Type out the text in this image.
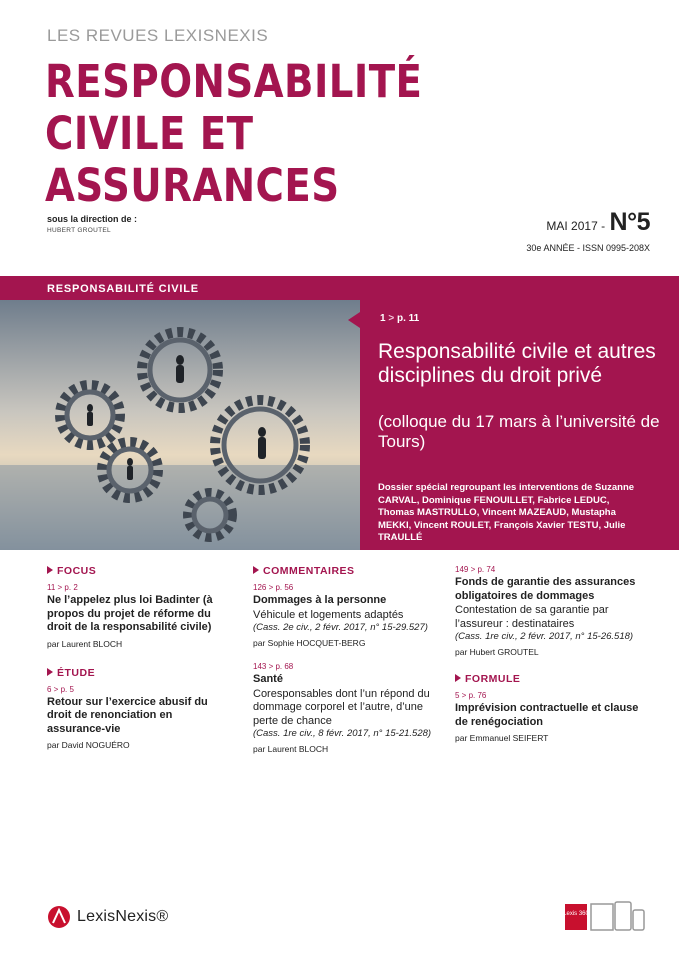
LES REVUES LEXISNEXIS
RESPONSABILITÉ
CIVILE ET
ASSURANCES
sous la direction de :
HUBERT GROUTEL	MAI 2017 - N°5
30e ANNÉE - ISSN 0995-208X
RESPONSABILITÉ CIVILE
1 > p. 11
Responsabilité civile et autres disciplines du droit privé
(colloque du 17 mars à l’université de Tours)
Dossier spécial regroupant les interventions de Suzanne CARVAL, Dominique FENOUILLET, Fabrice LEDUC, Thomas MASTRULLO, Vincent MAZEAUD, Mustapha MEKKI, Vincent ROULET, François Xavier TESTU, Julie TRAULLÉ
FOCUS
11 > p. 2
Ne l’appelez plus loi Badinter (à propos du projet de réforme du droit de la responsabilité civile)
par Laurent BLOCH
ÉTUDE
6 > p. 5
Retour sur l’exercice abusif du droit de renonciation en assurance-vie
par David NOGUÉRO
COMMENTAIRES
126 > p. 56
Dommages à la personne
Véhicule et logements adaptés
(Cass. 2e civ., 2 févr. 2017, n° 15-29.527)
par Sophie HOCQUET-BERG
143 > p. 68
Santé
Coresponsables dont l’un répond du dommage corporel et l’autre, d’une perte de chance
(Cass. 1re civ., 8 févr. 2017, n° 15-21.528)
par Laurent BLOCH
149 > p. 74
Fonds de garantie des assurances obligatoires de dommages
Contestation de sa garantie par l’assureur : destinataires
(Cass. 1re civ., 2 févr. 2017, n° 15-26.518)
par Hubert GROUTEL
FORMULE
5 > p. 76
Imprévision contractuelle et clause de renégociation
par Emmanuel SEIFERT
LexisNexis®	Lexis 360
